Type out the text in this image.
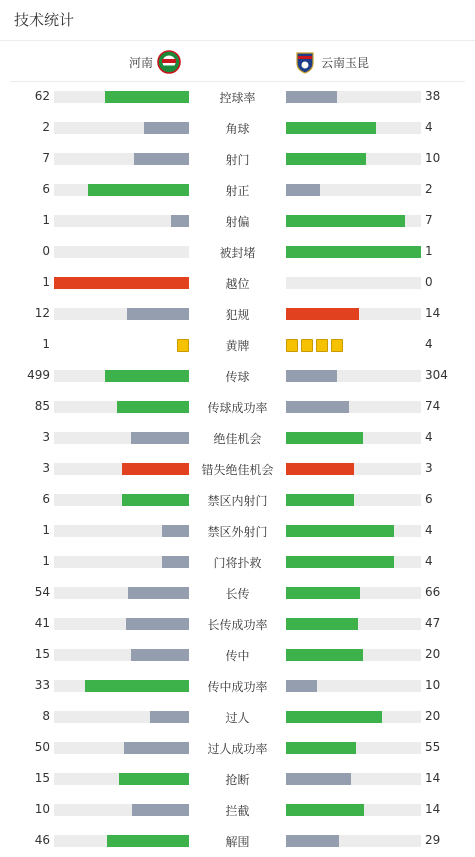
技术统计
河南	云南玉昆
62	控球率	38
2	角球	4
7	射门	10
6	射正	2
1	射偏	7
0	被封堵	1
1	越位	0
12	犯规	14
1	黄牌	4
499	传球	304
85	传球成功率	74
3	绝佳机会	4
3	错失绝佳机会	3
6	禁区内射门	6
1	禁区外射门	4
1	门将扑救	4
54	长传	66
41	长传成功率	47
15	传中	20
33	传中成功率	10
8	过人	20
50	过人成功率	55
15	抢断	14
10	拦截	14
46	解围	29
